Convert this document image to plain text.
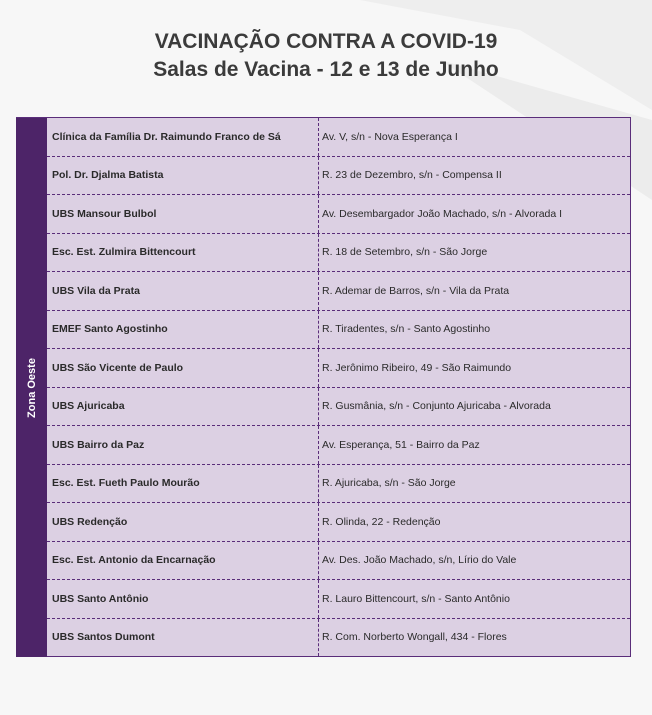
VACINAÇÃO CONTRA A COVID-19
Salas de Vacina - 12 e 13 de Junho
Zona Oeste
Clínica da Família Dr. Raimundo Franco de Sá	Av. V, s/n - Nova Esperança I
Pol. Dr. Djalma Batista	R. 23 de Dezembro, s/n - Compensa II
UBS Mansour Bulbol	Av. Desembargador João Machado, s/n - Alvorada I
Esc. Est. Zulmira Bittencourt	R. 18 de Setembro, s/n - São Jorge
UBS Vila da Prata	R. Ademar de Barros, s/n - Vila da Prata
EMEF Santo Agostinho	R. Tiradentes, s/n - Santo Agostinho
UBS São Vicente de Paulo	R. Jerônimo Ribeiro, 49 - São Raimundo
UBS Ajuricaba	R. Gusmânia, s/n - Conjunto Ajuricaba - Alvorada
UBS Bairro da Paz	Av. Esperança, 51 - Bairro da Paz
Esc. Est. Fueth Paulo Mourão	R. Ajuricaba, s/n - São Jorge
UBS Redenção	R. Olinda, 22 - Redenção
Esc. Est. Antonio da Encarnação	Av. Des. João Machado, s/n, Lírio do Vale
UBS Santo Antônio	R. Lauro Bittencourt, s/n - Santo Antônio
UBS Santos Dumont	R. Com. Norberto Wongall, 434 - Flores
